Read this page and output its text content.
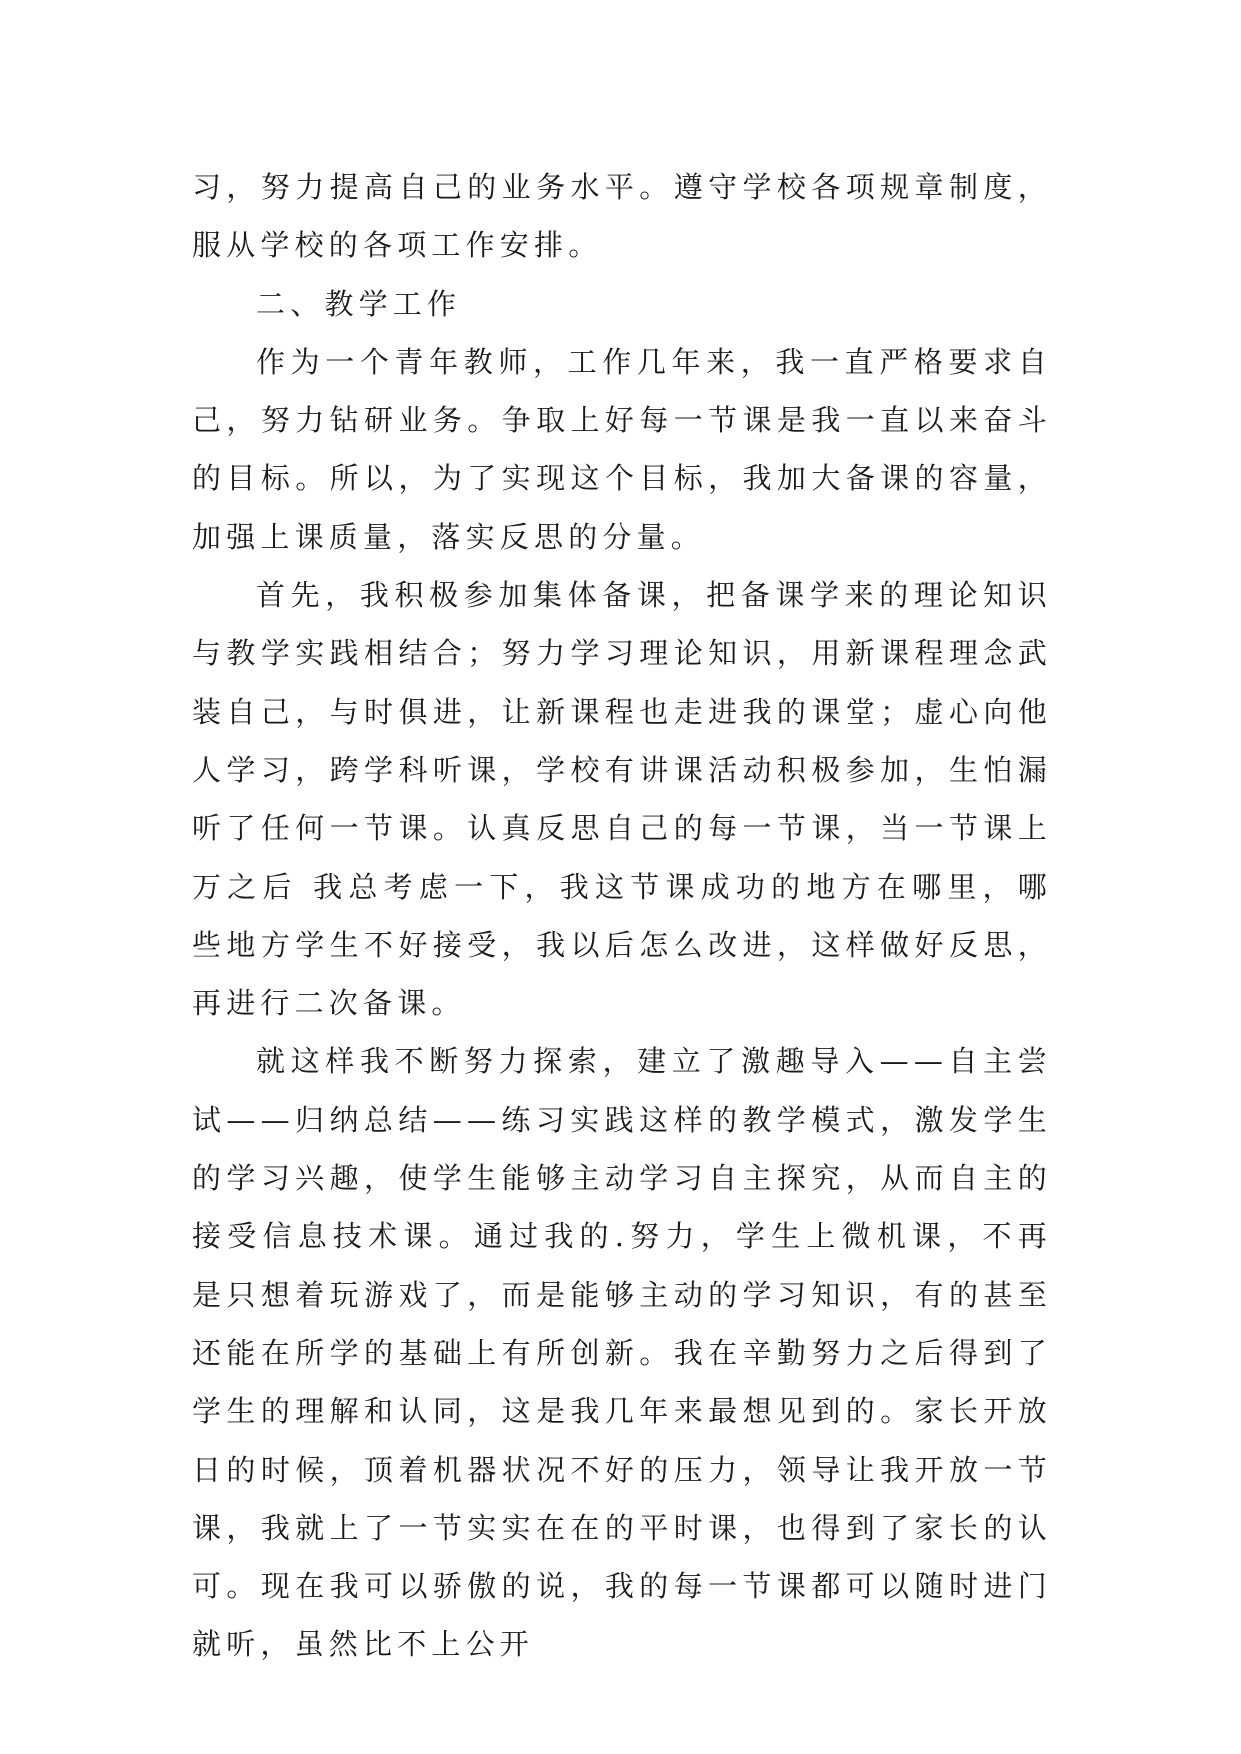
习，努力提高自己的业务水平。遵守学校各项规章制度，服从学校的各项工作安排。

二、教学工作

作为一个青年教师，工作几年来，我一直严格要求自己，努力钻研业务。争取上好每一节课是我一直以来奋斗的目标。所以，为了实现这个目标，我加大备课的容量，加强上课质量，落实反思的分量。

首先，我积极参加集体备课，把备课学来的理论知识与教学实践相结合；努力学习理论知识，用新课程理念武装自己，与时俱进，让新课程也走进我的课堂；虚心向他人学习，跨学科听课，学校有讲课活动积极参加，生怕漏听了任何一节课。认真反思自己的每一节课，当一节课上万之后 我总考虑一下，我这节课成功的地方在哪里，哪些地方学生不好接受，我以后怎么改进，这样做好反思，再进行二次备课。

就这样我不断努力探索，建立了激趣导入——自主尝试——归纳总结——练习实践这样的教学模式，激发学生的学习兴趣，使学生能够主动学习自主探究，从而自主的接受信息技术课。通过我的.努力，学生上微机课，不再是只想着玩游戏了，而是能够主动的学习知识，有的甚至还能在所学的基础上有所创新。我在辛勤努力之后得到了学生的理解和认同，这是我几年来最想见到的。家长开放日的时候，顶着机器状况不好的压力，领导让我开放一节课，我就上了一节实实在在的平时课，也得到了家长的认可。现在我可以骄傲的说，我的每一节课都可以随时进门就听，虽然比不上公开
